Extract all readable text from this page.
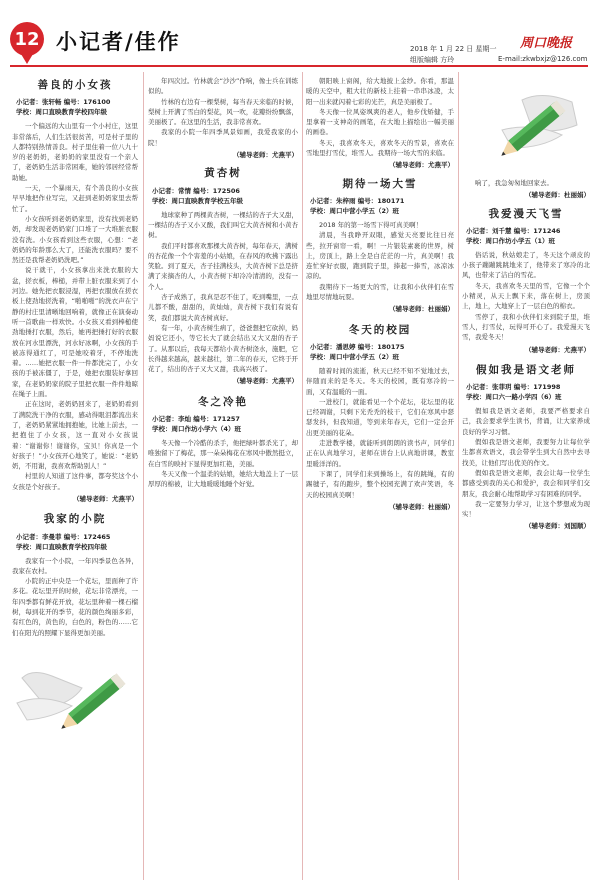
12 小记者/佳作	周口晚报
2018 年 1 月 22 日 星期一
组版编辑 方玲	E-mail:zkwbxjz@126.com
善良的小女孩
小记者：张轩畅 编号：176100
学校：周口直映教育学校四年级

一个偏远的大山里有一个小村庄，这里非常落后，人们生活很贫苦，可是村子里的人都特别热情善良。村子里住着一位八九十岁的老奶奶，老奶奶的家里没有一个亲人了，老奶奶生活非常困难，她的邻居经常帮助她。

一天，一个暴雨天，有个善良的小女孩早早地把作业写完，又赶到老奶奶家里去帮忙了。

小女孩听到老奶奶家里，没有找到老奶奶，却发现老奶奶家门口堆了一大堆脏衣服没有洗。小女孩看到这些衣服，心想：“老奶奶的年龄那么大了，还能洗衣服吗？要不然还是我帮老奶奶洗吧。”

说干就干，小女孩拿出来洗衣服的大盆，搓衣板，棒槌，并带上脏衣服来到了小河边。她先把衣服浸湿，再把衣服放在搓衣板上使劲地搓洗着，“啪啪啪”的洗衣声在宁静的村庄里清晰地回响着，就像正在演奏动听一首歌曲一样欢快。小女孩又看到棒槌使劲地捶打衣服，然后，她再把捶打好的衣服放在河水里漂洗，河水好冰啊，小女孩的手被冻得通红了，可是她咬着牙，不停地洗着。……她把衣服一件一件都洗完了，小女孩的手被冻僵了，于是，她把衣服装好拿回家，在老奶奶家的院子里把衣服一件件地晾在绳子上面。

正在这时，老奶奶回来了，老奶奶看到了满院洗干净的衣服，感动得眼泪都流出来了，老奶奶紧紧地拥抱她，比她上前去，一把抱住了小女孩，这一直对小女孩说着：“谢谢你！谢谢你，宝贝！你真是一个好孩子！”小女孩开心地笑了，她说：“老奶奶，不用谢，我喜欢帮助别人！”

村里的人知道了这件事，都夸奖这个小女孩是个好孩子。

（辅导老师：尤燕平）
我家的小院
小记者：李曼菲 编号：172465
学校：周口直映教育学校四年级

我家有一个小院，一年四季景色各异，我家在农村。

小院的正中央是一个花坛，里面种了许多花。花坛里开的时候，花坛非常漂亮，一年四季都有鲜花开放，花坛里种着一棵石榴树，每到花开的季节，花的颜色绚丽多彩，有红色的，黄色的，白色的，粉色的……它们在阳光的照耀下显得更加美丽。

年四次过。竹林就会“沙沙”作响，像士兵在训练似的。

竹林的右边有一棵梨树，每当春天来临的时候，梨树上开满了雪白的梨花，风一吹，花瓣纷纷飘落，美丽极了。在这里的生活，我非常喜欢。

我家的小院一年四季风景如画，我爱我家的小院！

（辅导老师：尤燕平）
黄杏树
小记者：常情 编号：172506
学校：周口直映教育学校五年级

地球家种了两棵黄杏树，一棵结的杏子大又甜，一棵结的杏子又小又酸，我们叫它大黄杏树和小黄杏树。

我们平时都喜欢那棵大黄杏树，每年春天，满树的杏花像一个个害羞的小姑娘，在春风的吹拂下露出笑脸。到了夏天，杏子挂满枝头，大黄杏树下总是挤满了来摘杏的人，小黄杏树下却冷冷清清的，没有一个人。

杏子成熟了，我真是忍不住了，吃到嘴里，一点儿都不酸，甜甜的，黄灿灿，黄杏树下我们有说有笑，我们都说大黄杏树真好。

有一年，小黄杏树生病了，爸爸想把它砍掉，妈妈说它还小，等它长大了就会结出又大又甜的杏子了。从那以后，我每天都给小黄杏树浇水，施肥，它长得越来越高，越来越壮，第二年的春天，它终于开花了，结出的杏子又大又甜，我高兴极了。

（辅导老师：尤燕平）
冬之冷艳
小记者：李灿 编号：171257
学校：周口作坊小学六（4）班

冬天像一个冷酷的杀手，他把绿叶都杀光了，却唯独留下了梅花，那一朵朵梅花在寒风中傲然挺立，在白雪的映衬下显得更加红艳，美丽。

冬天又像一个温柔的姑娘，她给大地盖上了一层厚厚的棉被，让大地暖暖地睡个好觉。

朝阳映上窗阁，给大地披上金纱。你看，那温暖的天空中，粗大壮的新枝上挂着一串串冰凌，太阳一出来就闪着七彩的光芒，真是美丽极了。

冬天像一位风姿飒爽的老人，他步伐矫健，手里拿着一支神奇的画笔，在大地上描绘出一幅美丽的画卷。

冬天，我喜欢冬天，喜欢冬天的雪景，喜欢在雪地里打雪仗，堆雪人。我期待一场大雪的来临。

（辅导老师：尤燕平）
期待一场大雪
小记者：朱梓雨 编号：180171
学校：周口中营小学五（2）班

2018 年的第一场雪下得可真美啊！

清晨，当我睁开双眼，感觉天亮要比往日亮些，拉开窗帘一看，啊！一片银装素裹的世界，树上，房顶上，路上全是白茫茫的一片，真美啊！我连忙穿好衣服，跑到院子里，捧起一捧雪，冰凉冰凉的。

我期待下一场更大的雪，让我和小伙伴们在雪地里尽情地玩耍。

（辅导老师：杜丽娟）
冬天的校园
小记者：潘思婷 编号：180175
学校：周口中营小学五（2）班

随着时间的流逝，秋天已经不知不觉地过去，伴随而来的是冬天。冬天的校园，既有寒冷的一面，又有温暖的一面。

一进校门，就能看见一个个花坛，花坛里的花已经凋谢，只剩下光秃秃的枝干，它们在寒风中瑟瑟发抖，但我知道，等到来年春天，它们一定会开出更美丽的花朵。

走进教学楼，就能听到朗朗的读书声，同学们正在认真地学习，老师在讲台上认真地讲课，教室里暖洋洋的。

下课了，同学们来到操场上，有的跳绳，有的踢毽子，有的跑步，整个校园充满了欢声笑语，冬天的校园真美啊！

（辅导老师：杜丽娟）

响了，我急匆匆地回家去。

（辅导老师：杜丽娟）
我爱漫天飞雪
小记者：刘千慧 编号：171246
学校：周口作坊小学五（1）班

俗话说，秋姑娘走了，冬天这个顽皮的小孩子蹦蹦跳跳地来了，他带来了寒冷的北风，也带来了洁白的雪花。

冬天，我喜欢冬天里的雪，它像一个个小精灵，从天上飘下来，落在树上，房顶上，地上，大地穿上了一层白色的棉衣。

雪停了，我和小伙伴们来到院子里，堆雪人，打雪仗，玩得可开心了。我爱漫天飞雪，我爱冬天！

（辅导老师：尤燕平）
假如我是语文老师
小记者：张菲玥 编号：171998
学校：周口六一路小学四（6）班

假如我是语文老师，我要严格要求自己，我会要求学生读书，背诵，让大家养成良好的学习习惯。

假如我是语文老师，我要努力让每位学生都喜欢语文，我会带学生到大自然中去寻找美，让他们写出优美的作文。

假如我是语文老师，我会让每一位学生都感受到我的关心和爱护，我会和同学们交朋友，我会耐心地帮助学习有困难的同学。

我一定要努力学习，让这个梦想成为现实！

（辅导老师：刘国顺）
